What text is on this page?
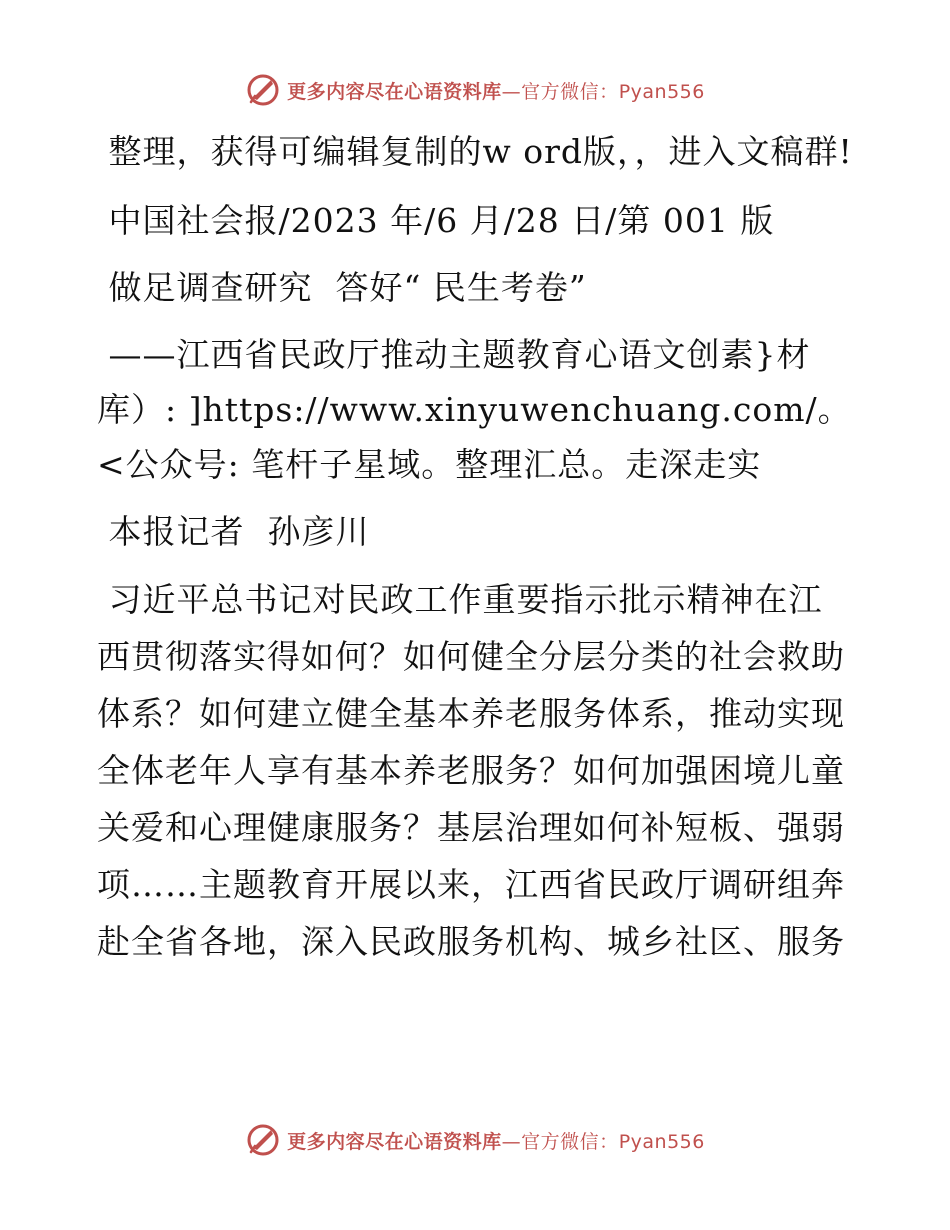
更多内容尽在心语资料库—官方微信：Pyan556

整理，获得可编辑复制的w ord版，，进入文稿群!

中国社会报/2023 年/6 月/28 日/第 001 版

做足调查研究  答好“ 民生考卷”

——江西省民政厅推动主题教育心语文创素}材库）: ]https://www.xinyuwenchuang.com/。<公众号: 笔杆子星域。整理汇总。走深走实

本报记者  孙彦川

习近平总书记对民政工作重要指示批示精神在江西贯彻落实得如何？如何健全分层分类的社会救助体系？如何建立健全基本养老服务体系，推动实现全体老年人享有基本养老服务？如何加强困境儿童关爱和心理健康服务？基层治理如何补短板、强弱项……主题教育开展以来，江西省民政厅调研组奔赴全省各地，深入民政服务机构、城乡社区、服务

更多内容尽在心语资料库—官方微信：Pyan556
